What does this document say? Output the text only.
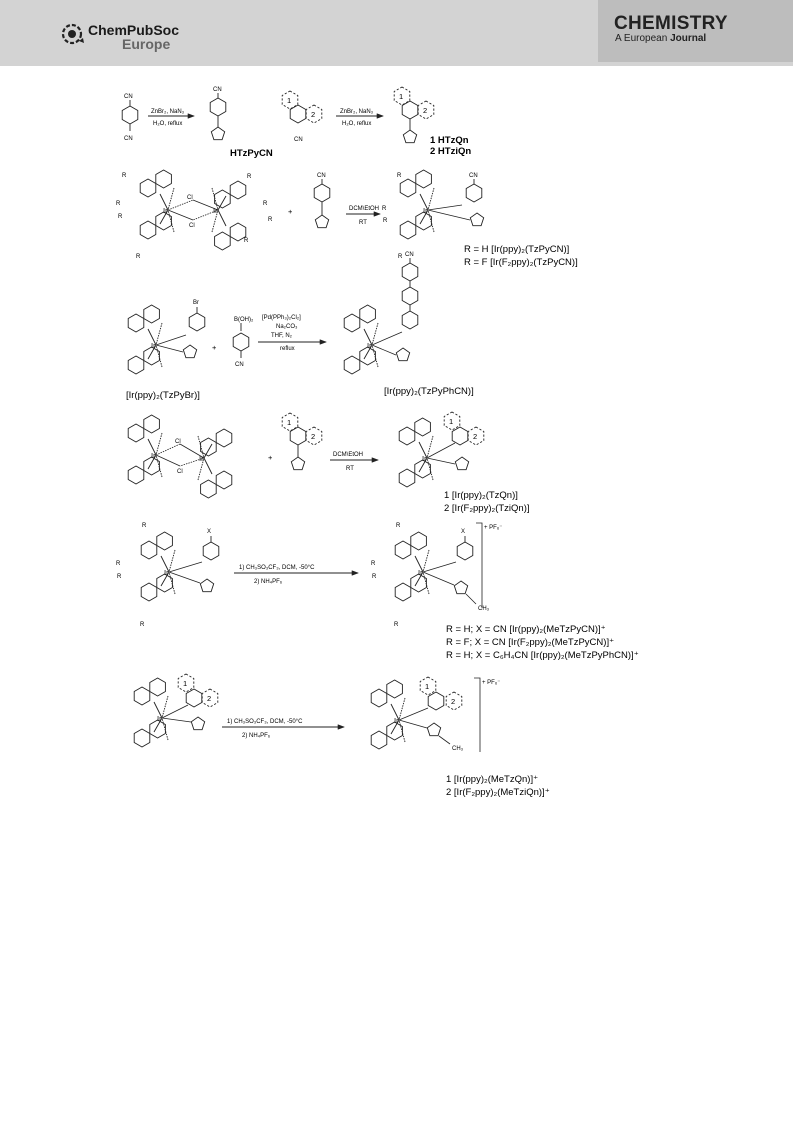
ChemPubSoc
Europe
CHEMISTRY
A European Journal
CN
CN
ZnBr₂, NaN₃
H₂O, reflux
CN
HTzPyCN
1
2
CN
ZnBr₂, NaN₃
H₂O, reflux
1
2
1 HTzQn
2 HTziQn
Ir	Ir
Cl
Cl
R
R
R
R
R
R
R
R
+
CN
DCM\EtOH
RT
Ir
CN
R
R
R
R
R = H [Ir(ppy)₂(TzPyCN)]
R = F [Ir(F₂ppy)₂(TzPyCN)]
Ir
Br
[Ir(ppy)₂(TzPyBr)]
+
B(OH)₂
CN
[Pd(PPh₃)₂Cl₂]
Na₂CO₃
THF, N₂
reflux	Ir
CN
[Ir(ppy)₂(TzPyPhCN)]
Ir	Ir
Cl
Cl
+
1
2
DCM\EtOH
RT
Ir
1
2
1 [Ir(ppy)₂(TzQn)]
2 [Ir(F₂ppy)₂(TziQn)]
Ir
X
R
R
R
R
1) CH₃SO₃CF₃, DCM, -50°C
2) NH₄PF₆
Ir
X
CH₃
+ PF₆⁻
R
R
R
R	R = H; X = CN [Ir(ppy)₂(MeTzPyCN)]⁺
R = F; X = CN [Ir(F₂ppy)₂(MeTzPyCN)]⁺
R = H; X = C₆H₄CN [Ir(ppy)₂(MeTzPyPhCN)]⁺
Ir
1
2
1) CH₃SO₃CF₃, DCM, -50°C
2) NH₄PF₆
Ir
1
2
CH₃
+ PF₆⁻
1 [Ir(ppy)₂(MeTzQn)]⁺
2 [Ir(F₂ppy)₂(MeTziQn)]⁺
